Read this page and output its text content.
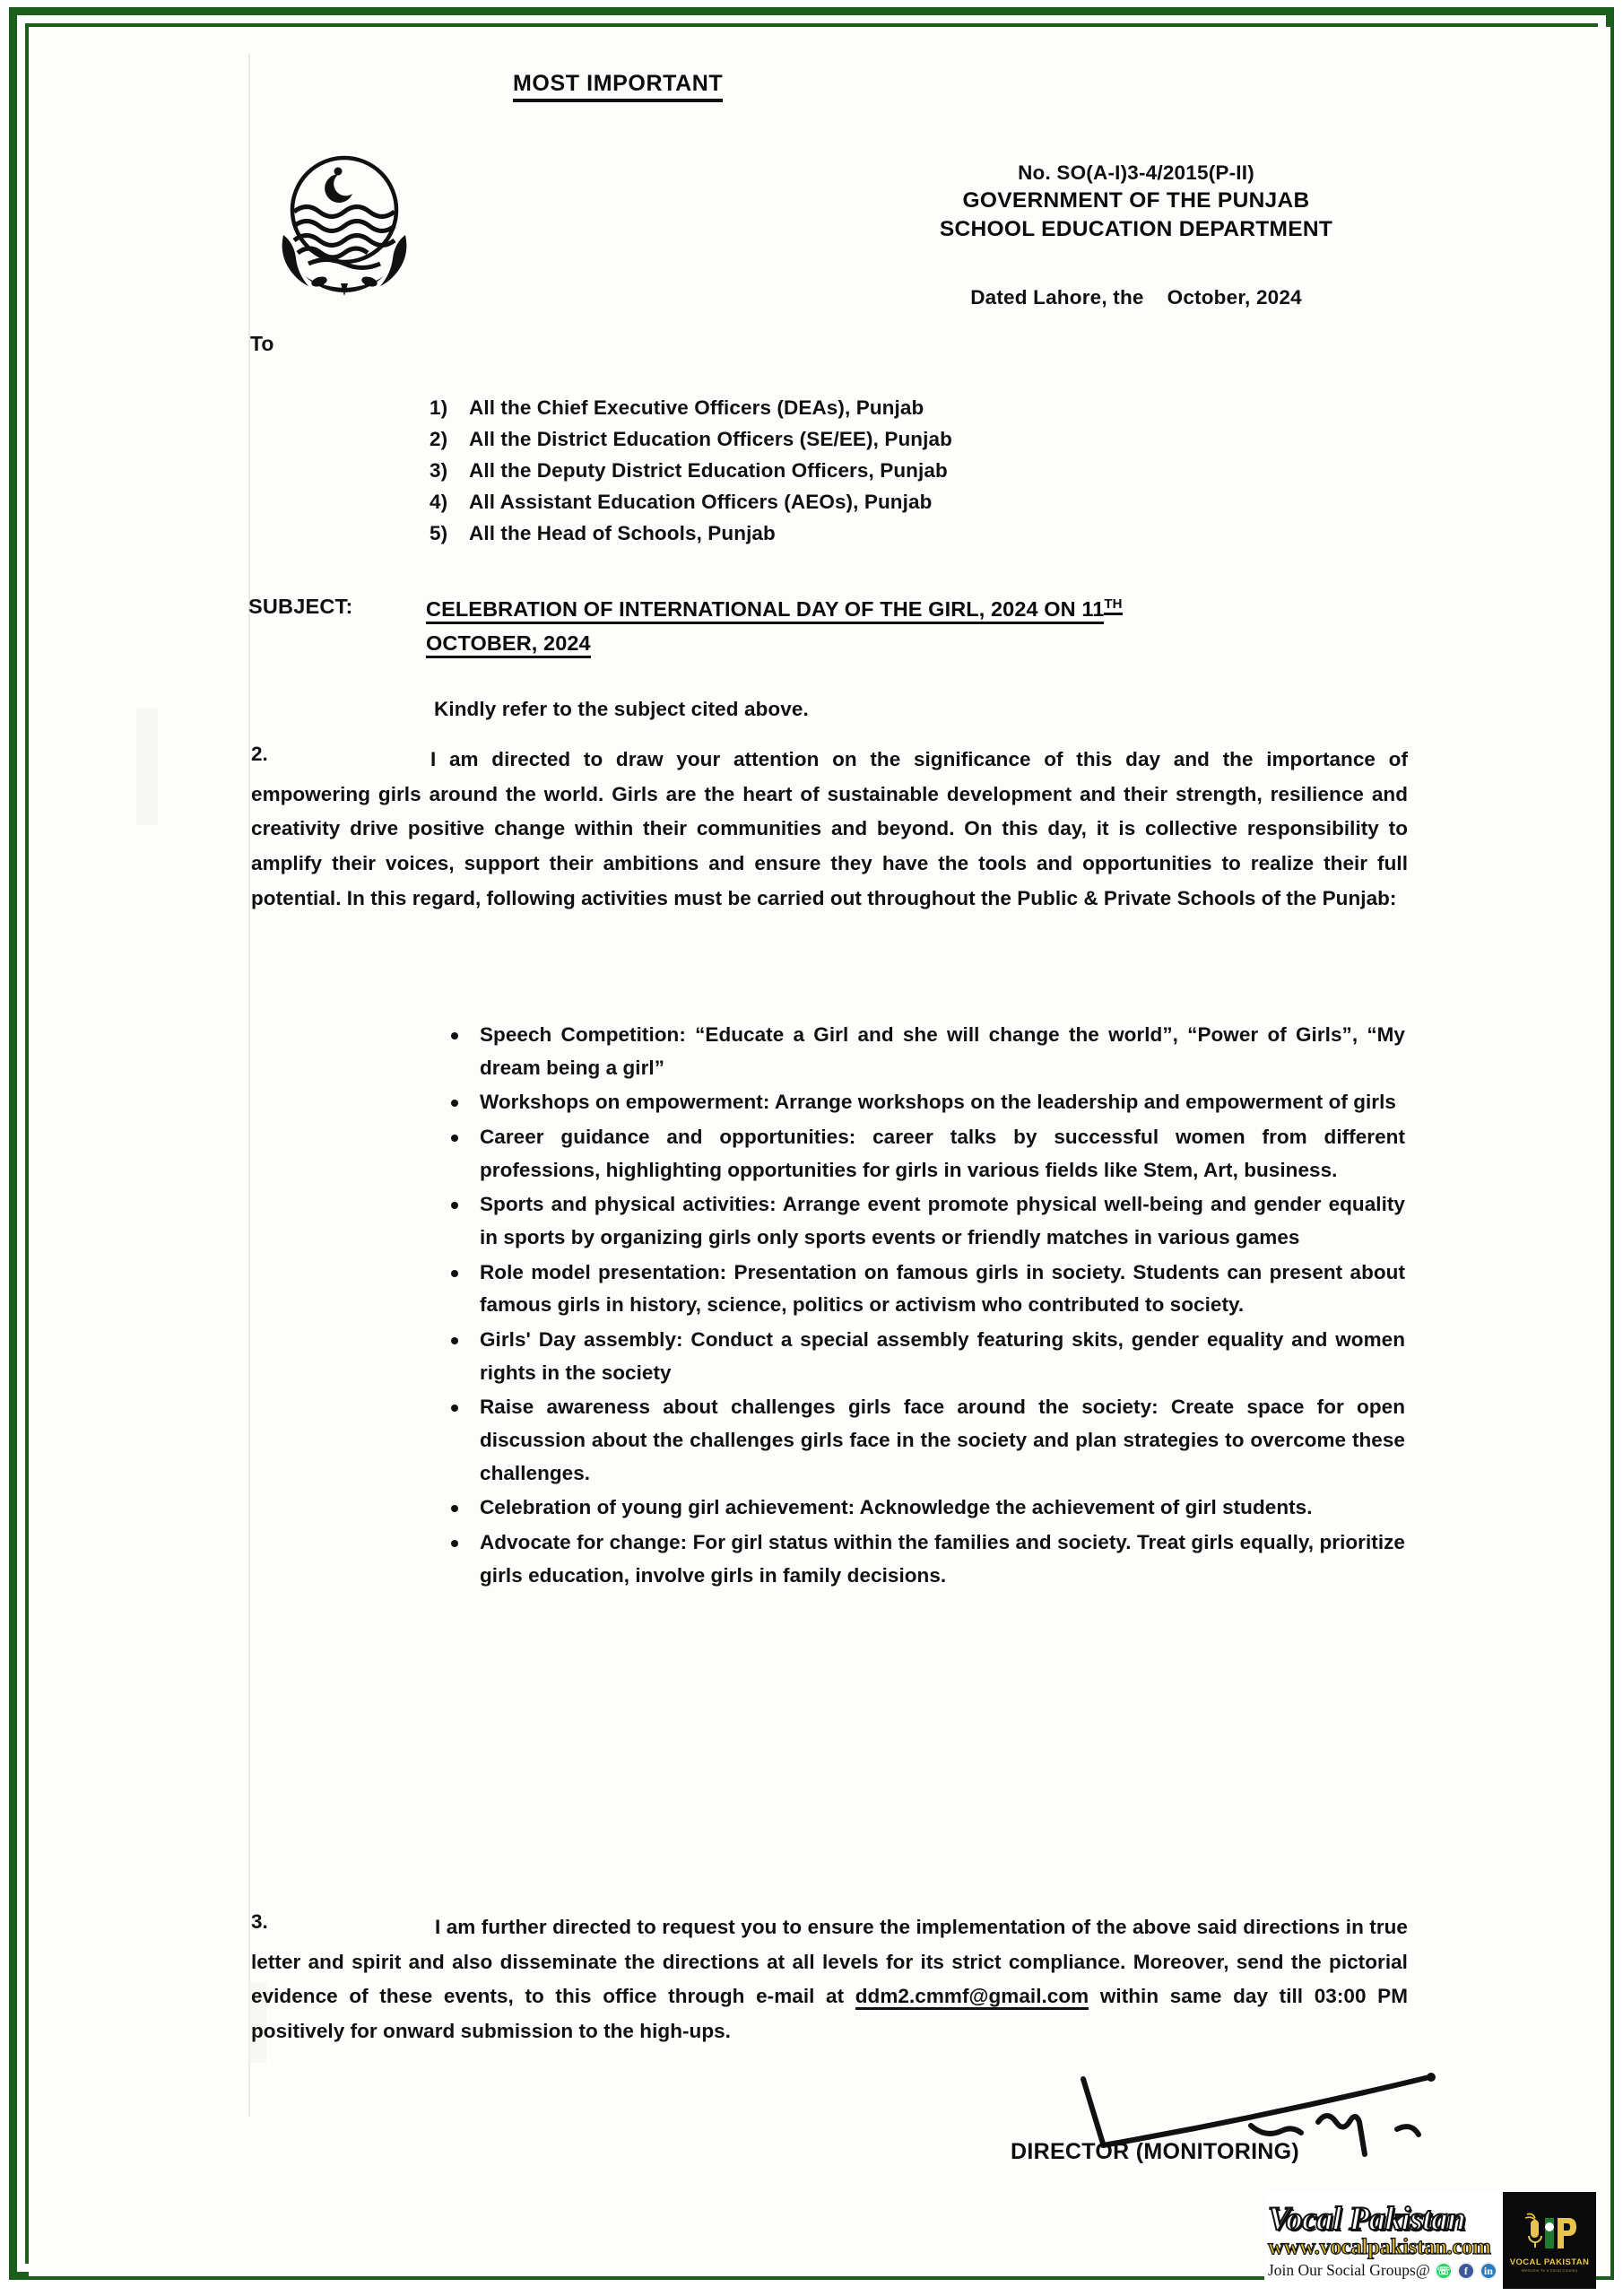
MOST IMPORTANT
No. SO(A-I)3-4/2015(P-II)
GOVERNMENT OF THE PUNJAB
SCHOOL EDUCATION DEPARTMENT
Dated Lahore, the October, 2024
To
1)	All the Chief Executive Officers (DEAs), Punjab
2)	All the District Education Officers (SE/EE), Punjab
3)	All the Deputy District Education Officers, Punjab
4)	All Assistant Education Officers (AEOs), Punjab
5)	All the Head of Schools, Punjab
SUBJECT:	CELEBRATION OF INTERNATIONAL DAY OF THE GIRL, 2024 ON 11TH
OCTOBER, 2024
Kindly refer to the subject cited above.
2.	I am directed to draw your attention on the significance of this day and the importance of empowering girls around the world. Girls are the heart of sustainable development and their strength, resilience and creativity drive positive change within their communities and beyond. On this day, it is collective responsibility to amplify their voices, support their ambitions and ensure they have the tools and opportunities to realize their full potential. In this regard, following activities must be carried out throughout the Public & Private Schools of the Punjab:
Speech Competition: “Educate a Girl and she will change the world”, “Power of Girls”, “My dream being a girl”
Workshops on empowerment: Arrange workshops on the leadership and empowerment of girls
Career guidance and opportunities: career talks by successful women from different professions, highlighting opportunities for girls in various fields like Stem, Art, business.
Sports and physical activities: Arrange event promote physical well-being and gender equality in sports by organizing girls only sports events or friendly matches in various games
Role model presentation: Presentation on famous girls in society. Students can present about famous girls in history, science, politics or activism who contributed to society.
Girls' Day assembly: Conduct a special assembly featuring skits, gender equality and women rights in the society
Raise awareness about challenges girls face around the society: Create space for open discussion about the challenges girls face in the society and plan strategies to overcome these challenges.
Celebration of young girl achievement: Acknowledge the achievement of girl students.
Advocate for change: For girl status within the families and society. Treat girls equally, prioritize girls education, involve girls in family decisions.
3.	I am further directed to request you to ensure the implementation of the above said directions in true letter and spirit and also disseminate the directions at all levels for its strict compliance. Moreover, send the pictorial evidence of these events, to this office through e-mail at ddm2.cmmf@gmail.com within same day till 03:00 PM positively for onward submission to the high-ups.
DIRECTOR (MONITORING)
Vocal Pakistan
www.vocalpakistan.com
Join Our Social Groups@ ☏	f	in
VOCAL PAKISTAN
Welcome To a Vocal Country
